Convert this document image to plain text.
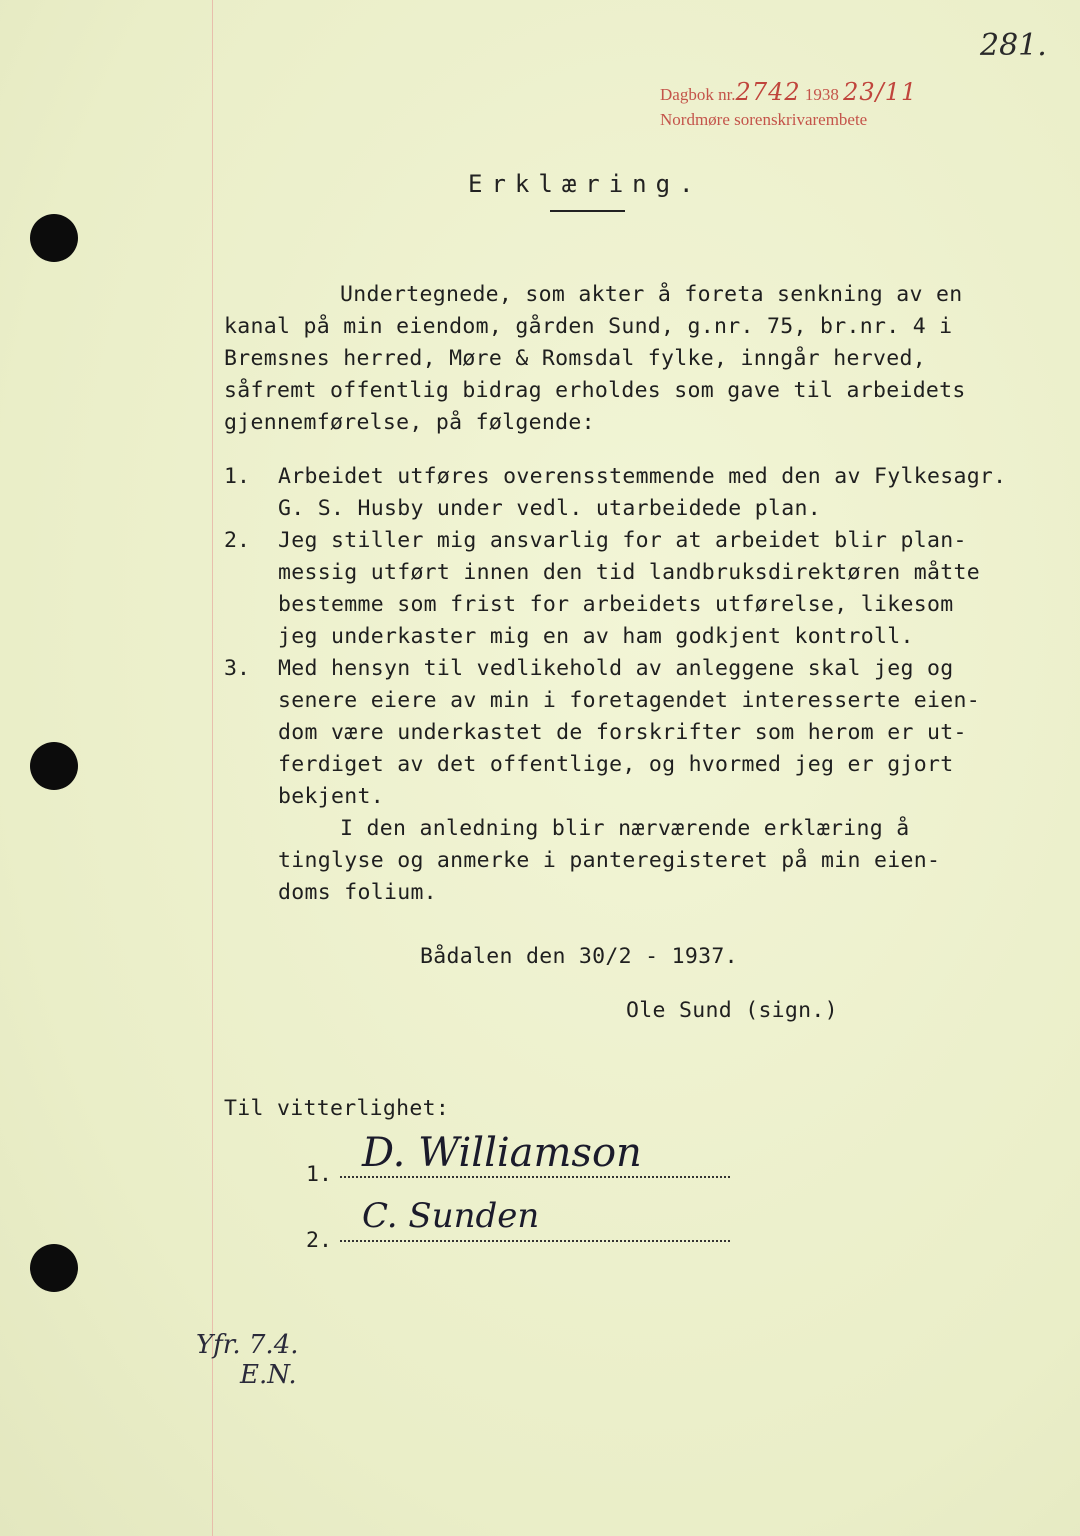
281.
Dagbok nr.2742 1938 23/11
Nordmøre sorenskrivarembete
Erklæring.
Undertegnede, som akter å foreta senkning av en
kanal på min eiendom, gården Sund, g.nr. 75, br.nr. 4 i
Bremsnes herred, Møre & Romsdal fylke, inngår herved,
såfremt offentlig bidrag erholdes som gave til arbeidets
gjennemførelse, på følgende:
1. Arbeidet utføres overensstemmende med den av Fylkesagr.
G. S. Husby under vedl. utarbeidede plan.
2. Jeg stiller mig ansvarlig for at arbeidet blir plan-
messig utført innen den tid landbruksdirektøren måtte
bestemme som frist for arbeidets utførelse, likesom
jeg underkaster mig en av ham godkjent kontroll.
3. Med hensyn til vedlikehold av anleggene skal jeg og
senere eiere av min i foretagendet interesserte eien-
dom være underkastet de forskrifter som herom er ut-
ferdiget av det offentlige, og hvormed jeg er gjort
bekjent.
I den anledning blir nærværende erklæring å
tinglyse og anmerke i panteregisteret på min eien-
doms folium.
Bådalen den 30/2 - 1937.
Ole Sund (sign.)
Til vitterlighet:
1. D. Williamson
2.
C. Sunden
Yfr. 7.4.
E.N.
